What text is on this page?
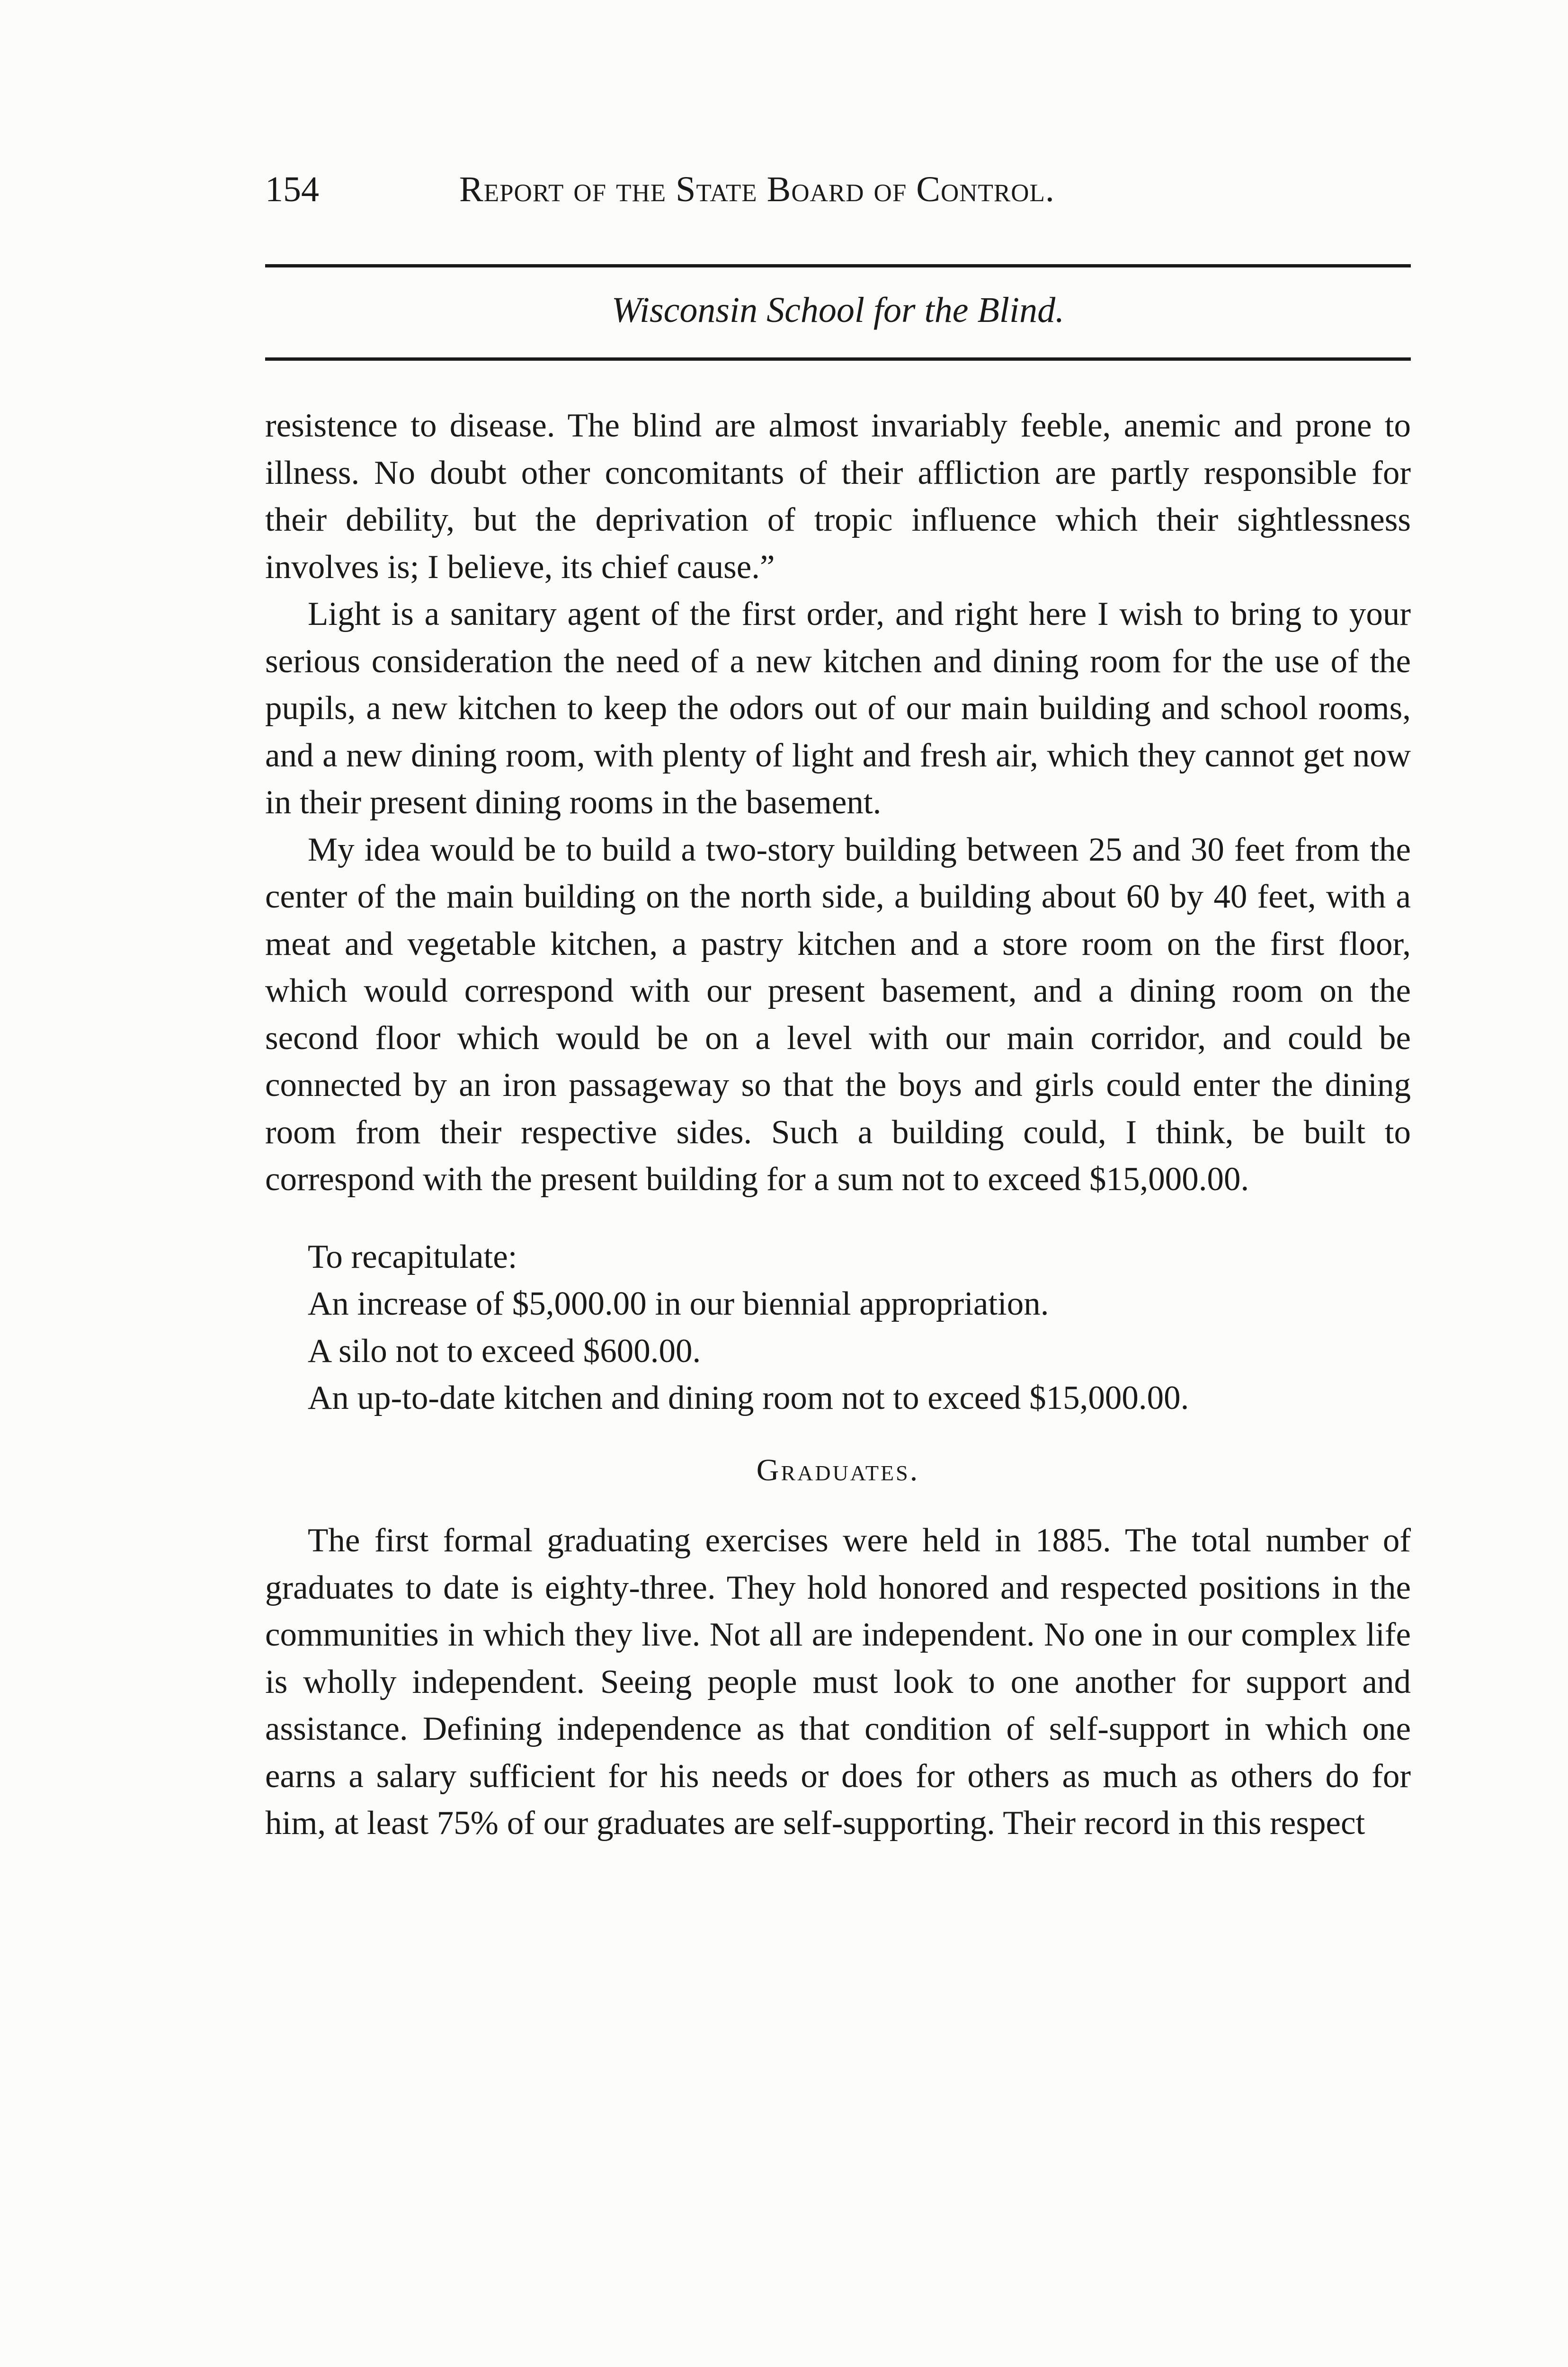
154	Report of the State Board of Control.
Wisconsin School for the Blind.

resistence to disease. The blind are almost invariably feeble, anemic and prone to illness. No doubt other concomitants of their affliction are partly responsible for their debility, but the deprivation of tropic influence which their sightlessness involves is; I believe, its chief cause.”

Light is a sanitary agent of the first order, and right here I wish to bring to your serious consideration the need of a new kitchen and dining room for the use of the pupils, a new kitchen to keep the odors out of our main building and school rooms, and a new dining room, with plenty of light and fresh air, which they cannot get now in their present dining rooms in the basement.

My idea would be to build a two-story building between 25 and 30 feet from the center of the main building on the north side, a building about 60 by 40 feet, with a meat and vegetable kitchen, a pastry kitchen and a store room on the first floor, which would correspond with our present basement, and a dining room on the second floor which would be on a level with our main corridor, and could be connected by an iron passageway so that the boys and girls could enter the dining room from their respective sides. Such a building could, I think, be built to correspond with the present building for a sum not to exceed $15,000.00.

To recapitulate:

An increase of $5,000.00 in our biennial appropriation.

A silo not to exceed $600.00.

An up-to-date kitchen and dining room not to exceed $15,000.00.

Graduates.

The first formal graduating exercises were held in 1885. The total number of graduates to date is eighty-three. They hold honored and respected positions in the communities in which they live. Not all are independent. No one in our complex life is wholly independent. Seeing people must look to one another for support and assistance. Defining independence as that condition of self-support in which one earns a salary sufficient for his needs or does for others as much as others do for him, at least 75% of our graduates are self-supporting. Their record in this respect
